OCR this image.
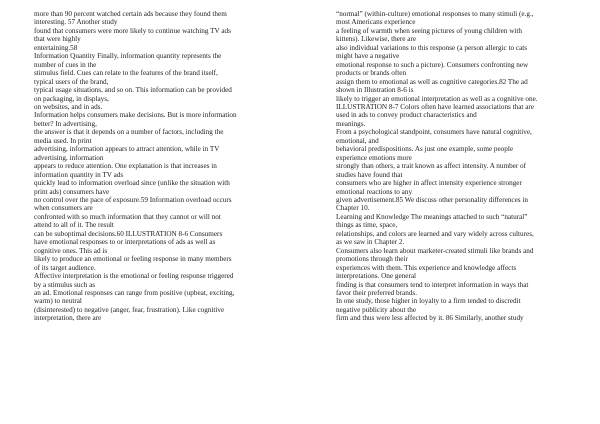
more than 90 percent watched certain ads because they found them
interesting. 57 Another study
found that consumers were more likely to continue watching TV ads
that were highly
entertaining.58
Information Quantity Finally, information quantity represents the
number of cues in the
stimulus field. Cues can relate to the features of the brand itself,
typical users of the brand,
typical usage situations, and so on. This information can be provided
on packaging, in displays,
on websites, and in ads.
Information helps consumers make decisions. But is more information
better? In advertising,
the answer is that it depends on a number of factors, including the
media used. In print
advertising, information appears to attract attention, while in TV
advertising, information
appears to reduce attention. One explanation is that increases in
information quantity in TV ads
quickly lead to information overload since (unlike the situation with
print ads) consumers have
no control over the pace of exposure.59 Information overload occurs
when consumers are
confronted with so much information that they cannot or will not
attend to all of it. The result
can be suboptimal decisions.60 ILLUSTRATION 8-6 Consumers
have emotional responses to or interpretations of ads as well as
cognitive ones. This ad is
likely to produce an emotional or feeling response in many members
of its target audience.
Affective interpretation is the emotional or feeling response triggered
by a stimulus such as
an ad. Emotional responses can range from positive (upbeat, exciting,
warm) to neutral
(disinterested) to negative (anger, fear, frustration). Like cognitive
interpretation, there are
“normal” (within-culture) emotional responses to many stimuli (e.g.,
most Americans experience
a feeling of warmth when seeing pictures of young children with
kittens). Likewise, there are
also individual variations to this response (a person allergic to cats
might have a negative
emotional response to such a picture). Consumers confronting new
products or brands often
assign them to emotional as well as cognitive categories.82 The ad
shown in Illustration 8-6 is
likely to trigger an emotional interpretation as well as a cognitive one.
ILLUSTRATION 8-7 Colors often have learned associations that are
used in ads to convey product characteristics and
meanings.
From a psychological standpoint, consumers have natural cognitive,
emotional, and
behavioral predispositions. As just one example, some people
experience emotions more
strongly than others, a trait known as affect intensity. A number of
studies have found that
consumers who are higher in affect intensity experience stronger
emotional reactions to any
given advertisement.85 We discuss other personality differences in
Chapter 10.
Learning and Knowledge The meanings attached to such “natural”
things as time, space,
relationships, and colors are learned and vary widely across cultures,
as we saw in Chapter 2.
Consumers also learn about marketer-created stimuli like brands and
promotions through their
experiences with them. This experience and knowledge affects
interpretations. One general
finding is that consumers tend to interpret information in ways that
favor their preferred brands.
In one study, those higher in loyalty to a firm tended to discredit
negative publicity about the
firm and thus were less affected by it. 86 Similarly, another study
